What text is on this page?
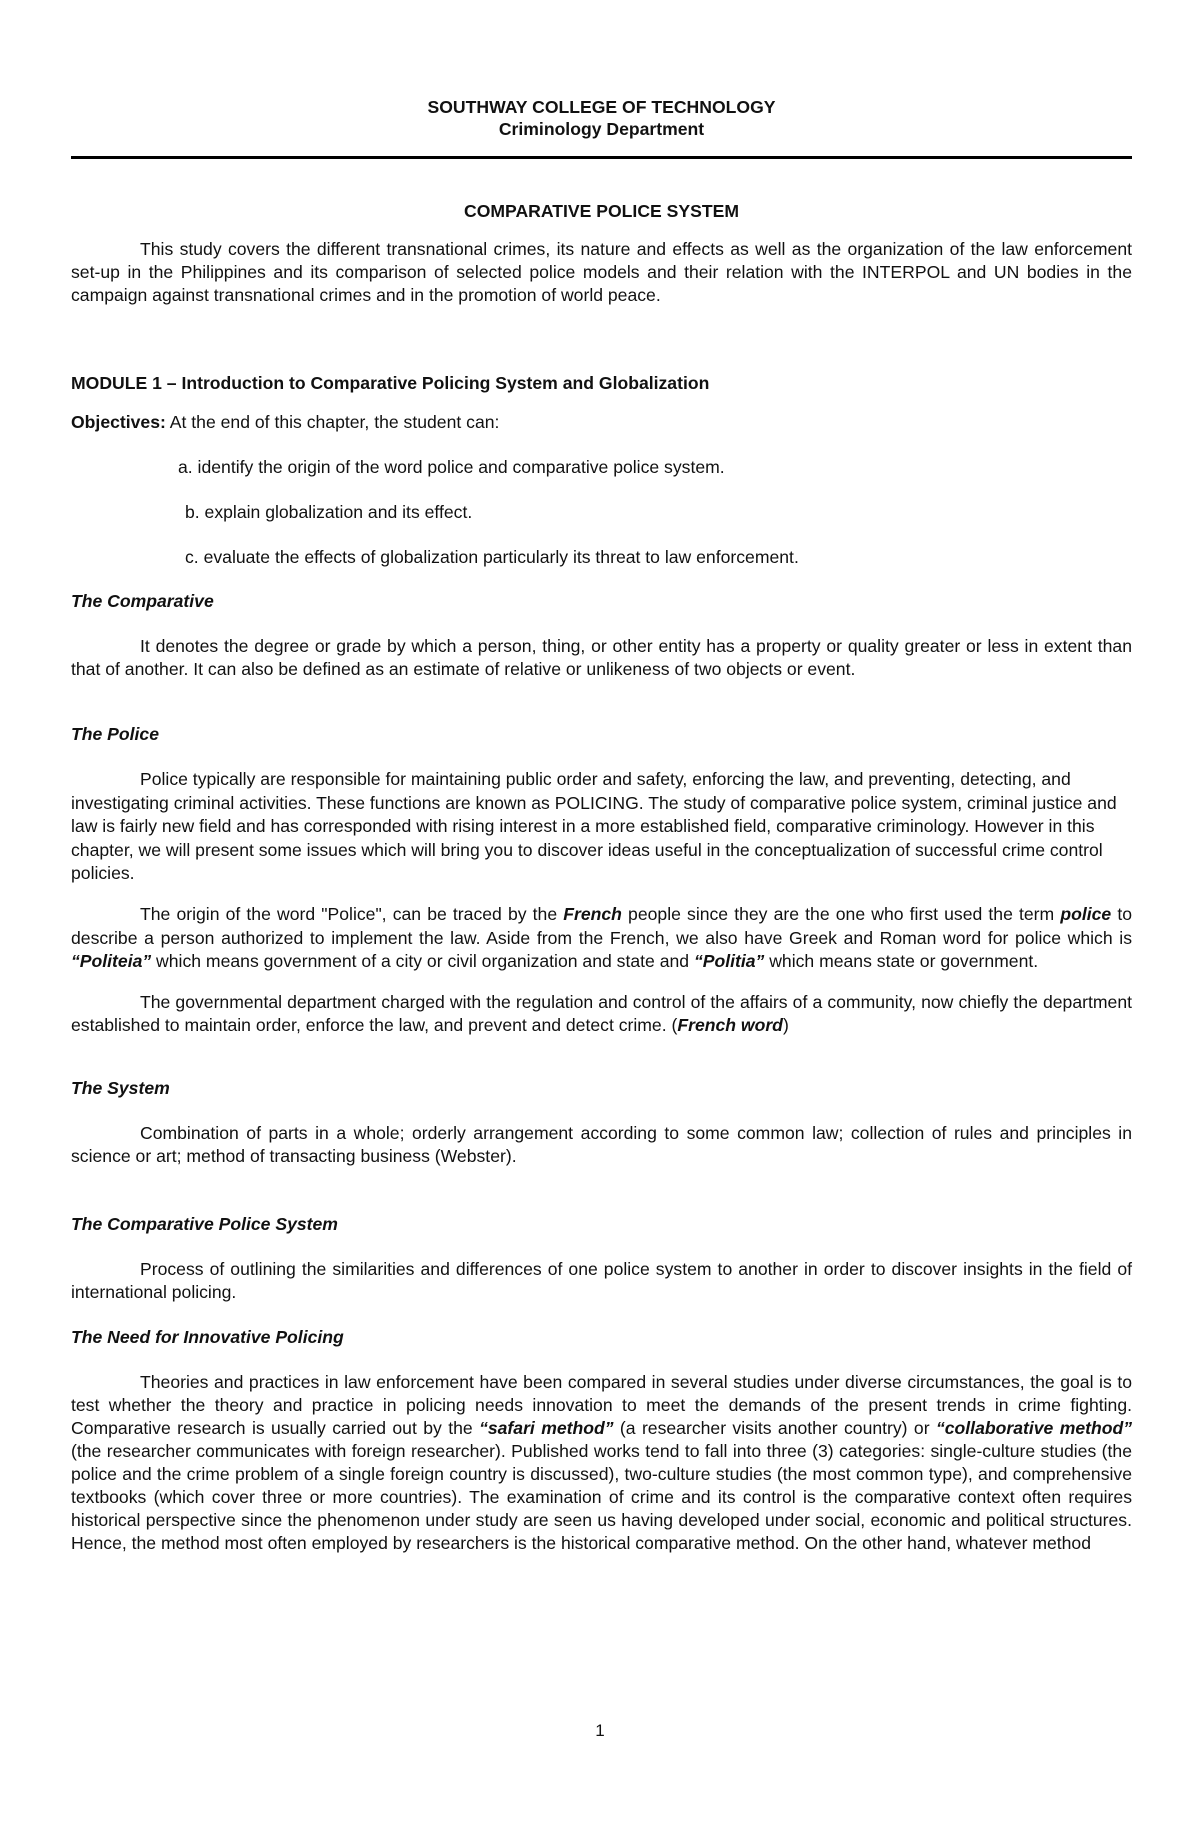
SOUTHWAY COLLEGE OF TECHNOLOGY
Criminology Department
COMPARATIVE POLICE SYSTEM

This study covers the different transnational crimes, its nature and effects as well as the organization of the law enforcement set-up in the Philippines and its comparison of selected police models and their relation with the INTERPOL and UN bodies in the campaign against transnational crimes and in the promotion of world peace.

MODULE 1 – Introduction to Comparative Policing System and Globalization

Objectives: At the end of this chapter, the student can:

a. identify the origin of the word police and comparative police system.

b. explain globalization and its effect.

c. evaluate the effects of globalization particularly its threat to law enforcement.

The Comparative

It denotes the degree or grade by which a person, thing, or other entity has a property or quality greater or less in extent than that of another. It can also be defined as an estimate of relative or unlikeness of two objects or event.

The Police

Police typically are responsible for maintaining public order and safety, enforcing the law, and preventing, detecting, and investigating criminal activities. These functions are known as POLICING. The study of comparative police system, criminal justice and law is fairly new field and has corresponded with rising interest in a more established field, comparative criminology. However in this chapter, we will present some issues which will bring you to discover ideas useful in the conceptualization of successful crime control policies.

The origin of the word "Police", can be traced by the French people since they are the one who first used the term police to describe a person authorized to implement the law. Aside from the French, we also have Greek and Roman word for police which is “Politeia” which means government of a city or civil organization and state and “Politia” which means state or government.

The governmental department charged with the regulation and control of the affairs of a community, now chiefly the department established to maintain order, enforce the law, and prevent and detect crime. (French word)

The System

Combination of parts in a whole; orderly arrangement according to some common law; collection of rules and principles in science or art; method of transacting business (Webster).

The Comparative Police System

Process of outlining the similarities and differences of one police system to another in order to discover insights in the field of international policing.

The Need for Innovative Policing

Theories and practices in law enforcement have been compared in several studies under diverse circumstances, the goal is to test whether the theory and practice in policing needs innovation to meet the demands of the present trends in crime fighting. Comparative research is usually carried out by the “safari method” (a researcher visits another country) or “collaborative method” (the researcher communicates with foreign researcher). Published works tend to fall into three (3) categories: single-culture studies (the police and the crime problem of a single foreign country is discussed), two-culture studies (the most common type), and comprehensive textbooks (which cover three or more countries). The examination of crime and its control is the comparative context often requires historical perspective since the phenomenon under study are seen us having developed under social, economic and political structures. Hence, the method most often employed by researchers is the historical comparative method. On the other hand, whatever method

1
